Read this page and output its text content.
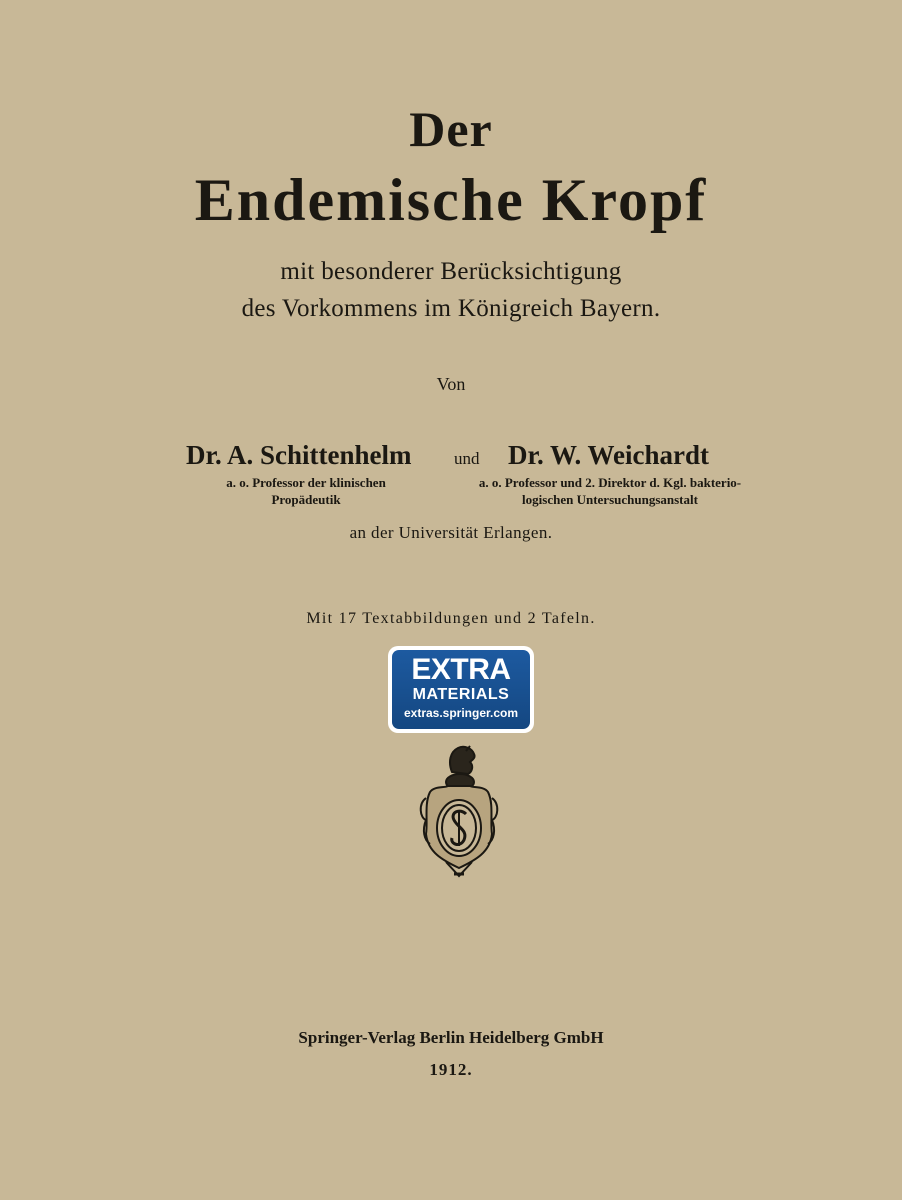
Der
Endemische Kropf
mit besonderer Berücksichtigung
des Vorkommens im Königreich Bayern.
Von
Dr. A. Schittenhelm und Dr. W. Weichardt
a. o. Professor der klinischen
Propädeutik
a. o. Professor und 2. Direktor d. Kgl. bakterio-
logischen Untersuchungsanstalt
an der Universität Erlangen.
Mit 17 Textabbildungen und 2 Tafeln.
EXTRA
MATERIALS
extras.springer.com
Springer-Verlag Berlin Heidelberg GmbH
1912.
